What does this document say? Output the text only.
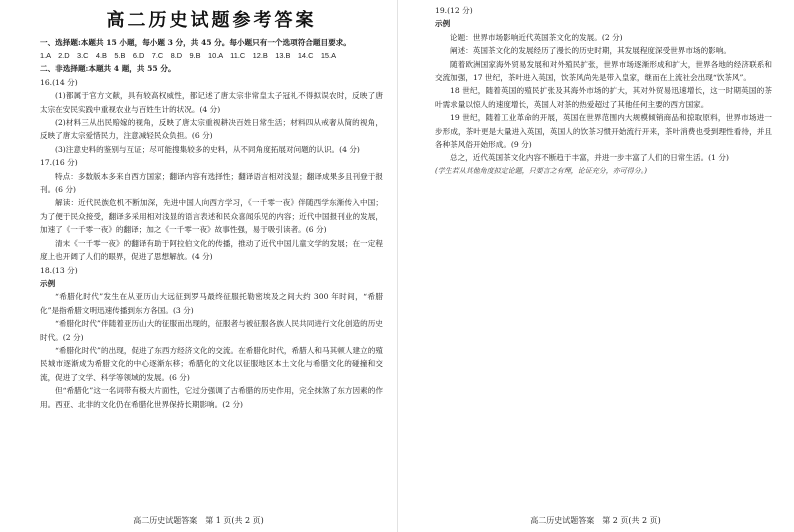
高二历史试题参考答案

一、选择题:本题共 15 小题，每小题 3 分，共 45 分。每小题只有一个选项符合题目要求。

1.A　2.D　3.C　4.B　5.B　6.D　7.C　8.D　9.B　10.A　11.C　12.B　13.B　14.C　15.A

二、非选择题:本题共 4 题，共 55 分。

16.(14 分)

(1)都属于官方文献，具有较高权威性，都记述了唐太宗非常皇太子冠礼不得拟误农时，反映了唐太宗在安民实践中重视农业与百姓生计的状况。(4 分)

(2)材料三从出民赔嫁的视角，反映了唐太宗重视耕决百姓日常生活；材料四从戒奢从简的视角，反映了唐太宗爱惜民力，注意减轻民众负担。(6 分)

(3)注意史料的鉴别与互证；尽可能搜集较多的史料，从不同角度拓展对问题的认识。(4 分)

17.(16 分)

特点：多数版本多来自西方国家；翻译内容有选择性；翻译语言相对浅显；翻译成果多且刊登于报刊。(6 分)

解读：近代民族危机不断加深，先进中国人向西方学习，《一千零一夜》伴随西学东渐传入中国；为了便于民众接受，翻译多采用相对浅显的语言表述和民众喜闻乐见的内容；近代中国报刊业的发展，加速了《一千零一夜》的翻译；加之《一千零一夜》故事性强，易于吸引读者。(6 分)

清末《一千零一夜》的翻译有助于阿拉伯文化的传播，推动了近代中国儿童文学的发展；在一定程度上也开阔了人们的眼界，促进了思想解放。(4 分)

18.(13 分)

示例

“希腊化时代”发生在从亚历山大远征到罗马最终征服托勒密埃及之间大约 300 年时间，“希腊化”是指希腊文明迅速传播到东方各国。(3 分)

“希腊化时代”伴随着亚历山大的征服而出现的，征服者与被征服各族人民共同进行文化创造的历史时代。(2 分)

“希腊化时代”的出现，促进了东西方经济文化的交流。在希腊化时代，希腊人和马其顿人建立的殖民城市逐渐成为希腊文化的中心逐渐东移；希腊化的文化以征服地区本土文化与希腊文化的碰撞和交流，促进了文学、科学等领域的发展。(6 分)

但“希腊化”这一名词带有极大片面性，它过分强调了古希腊的历史作用，完全抹煞了东方因素的作用。西亚、北非的文化仍在希腊化世界保持长期影响。(2 分)

高二历史试题答案　第 1 页(共 2 页)

19.(12 分)

示例

论题：世界市场影响近代英国茶文化的发展。(2 分)

阐述：英国茶文化的发展经历了漫长的历史时期，其发展程度深受世界市场的影响。

随着欧洲国家海外贸易发展和对外殖民扩张，世界市场逐渐形成和扩大，世界各地的经济联系和交流加强，17 世纪，茶叶进入英国，饮茶风尚先是带入皇家，继而在上流社会出现“饮茶风”。

18 世纪，随着英国的殖民扩张及其海外市场的扩大，其对外贸易迅速增长，这一时期英国的茶叶需求量以惊人的速度增长，英国人对茶的热爱超过了其他任何主要的西方国家。

19 世纪，随着工业革命的开展，英国在世界范围内大规模倾销商品和掠取原料，世界市场进一步形成，茶叶更是大量进入英国，英国人的饮茶习惯开始流行开来，茶叶消费也受到理性看待，并且各种茶风俗开始形成。(9 分)

总之，近代英国茶文化内容不断趋于丰富，并进一步丰富了人们的日常生活。(1 分)

(学生若从其他角度拟定论题，只要言之有理，论证充分，亦可得分。)

高二历史试题答案　第 2 页(共 2 页)
